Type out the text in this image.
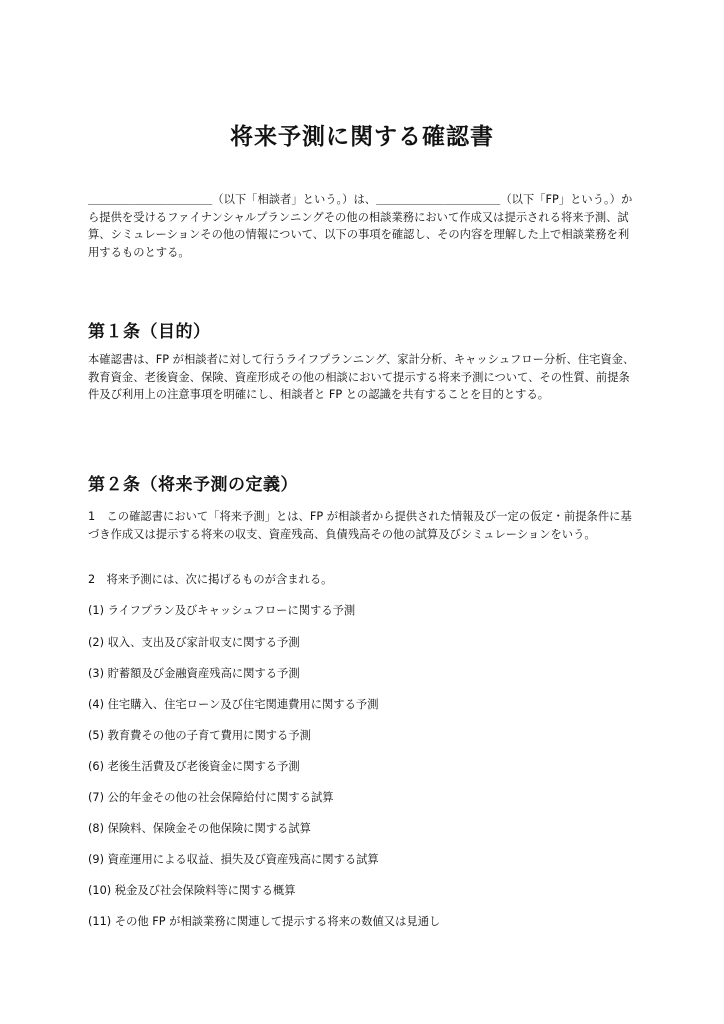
将来予測に関する確認書

＿＿＿＿＿＿＿＿＿＿＿（以下「相談者」という。）は、＿＿＿＿＿＿＿＿＿＿＿（以下「FP」という。）から提供を受けるファイナンシャルプランニングその他の相談業務において作成又は提示される将来予測、試算、シミュレーションその他の情報について、以下の事項を確認し、その内容を理解した上で相談業務を利用するものとする。

第１条（目的）

本確認書は、FP が相談者に対して行うライフプランニング、家計分析、キャッシュフロー分析、住宅資金、教育資金、老後資金、保険、資産形成その他の相談において提示する将来予測について、その性質、前提条件及び利用上の注意事項を明確にし、相談者と FP との認識を共有することを目的とする。

第２条（将来予測の定義）

1　この確認書において「将来予測」とは、FP が相談者から提供された情報及び一定の仮定・前提条件に基づき作成又は提示する将来の収支、資産残高、負債残高その他の試算及びシミュレーションをいう。

2　将来予測には、次に掲げるものが含まれる。

(1) ライフプラン及びキャッシュフローに関する予測

(2) 収入、支出及び家計収支に関する予測

(3) 貯蓄額及び金融資産残高に関する予測

(4) 住宅購入、住宅ローン及び住宅関連費用に関する予測

(5) 教育費その他の子育て費用に関する予測

(6) 老後生活費及び老後資金に関する予測

(7) 公的年金その他の社会保障給付に関する試算

(8) 保険料、保険金その他保険に関する試算

(9) 資産運用による収益、損失及び資産残高に関する試算

(10) 税金及び社会保険料等に関する概算

(11) その他 FP が相談業務に関連して提示する将来の数値又は見通し
